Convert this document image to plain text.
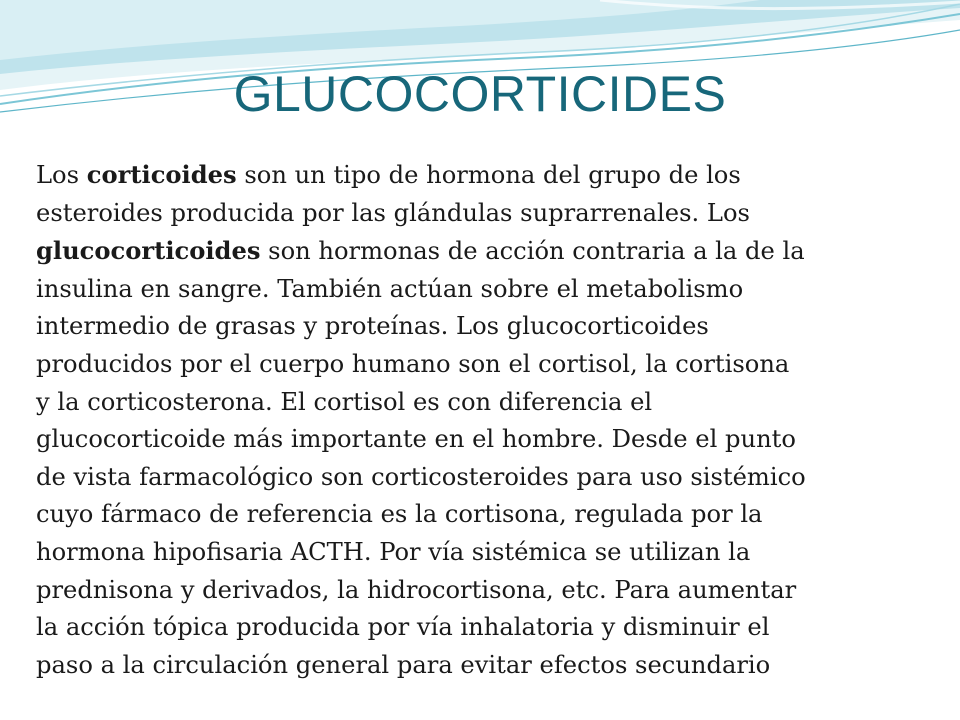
GLUCOCORTICIDES

Los corticoides son un tipo de hormona del grupo de los
esteroides producida por las glándulas suprarrenales. Los
glucocorticoides son hormonas de acción contraria a la de la
insulina en sangre. También actúan sobre el metabolismo
intermedio de grasas y proteínas. Los glucocorticoides
producidos por el cuerpo humano son el cortisol, la cortisona
y la corticosterona. El cortisol es con diferencia el
glucocorticoide más importante en el hombre. Desde el punto
de vista farmacológico son corticosteroides para uso sistémico
cuyo fármaco de referencia es la cortisona, regulada por la
hormona hipofisaria ACTH. Por vía sistémica se utilizan la
prednisona y derivados, la hidrocortisona, etc. Para aumentar
la acción tópica producida por vía inhalatoria y disminuir el
paso a la circulación general para evitar efectos secundario
